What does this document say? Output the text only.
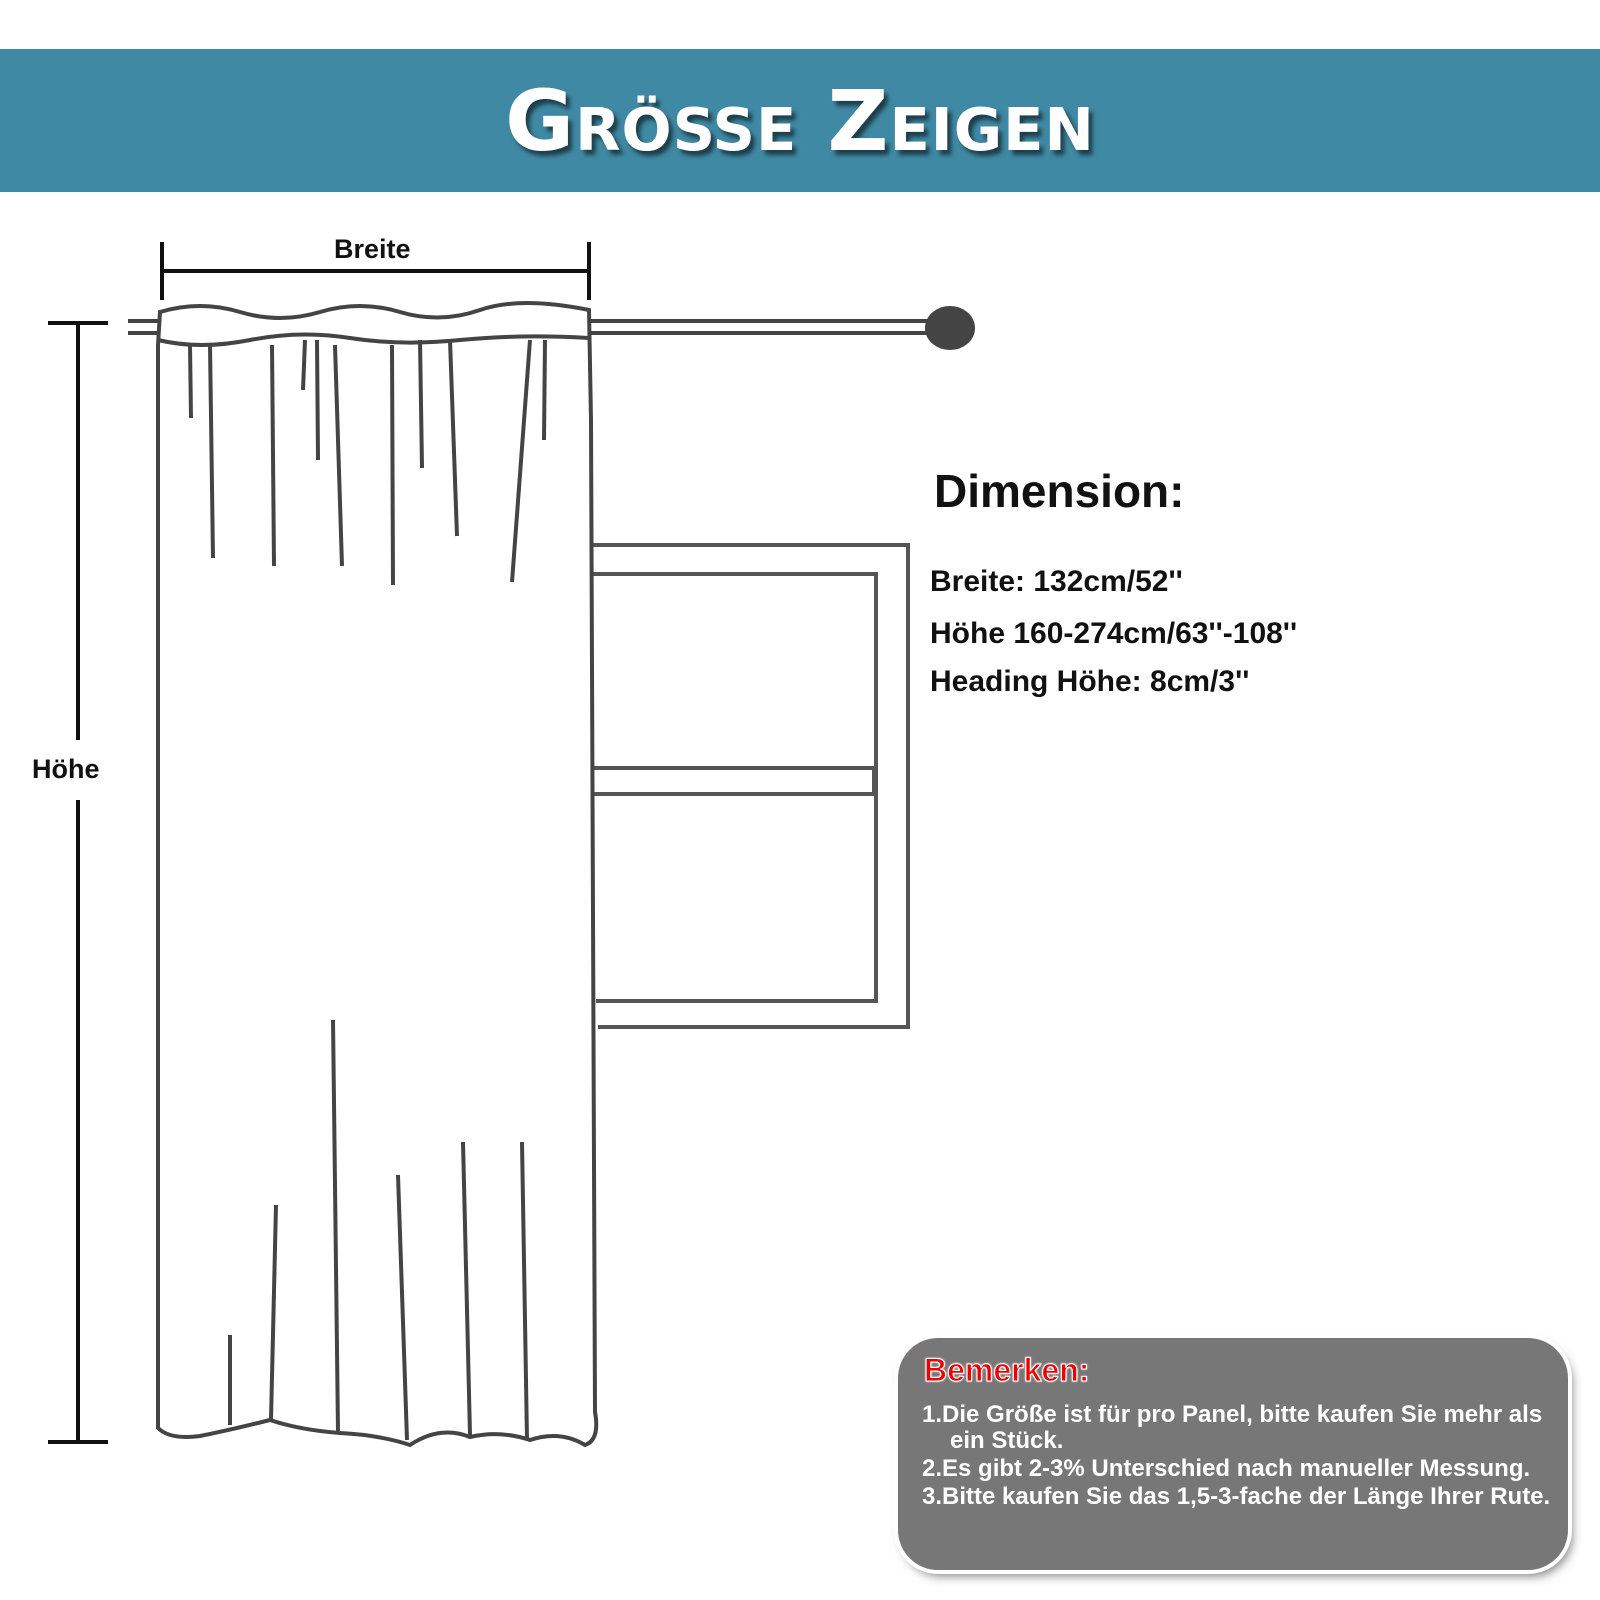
Größe Zeigen
Breite
Höhe
Dimension:
Breite: 132cm/52''
Höhe 160-274cm/63''-108''
Heading Höhe: 8cm/3''
Bemerken:
1.Die Größe ist für pro Panel, bitte kaufen Sie mehr als ein Stück.
2.Es gibt 2-3% Unterschied nach manueller Messung.
3.Bitte kaufen Sie das 1,5-3-fache der Länge Ihrer Rute.
